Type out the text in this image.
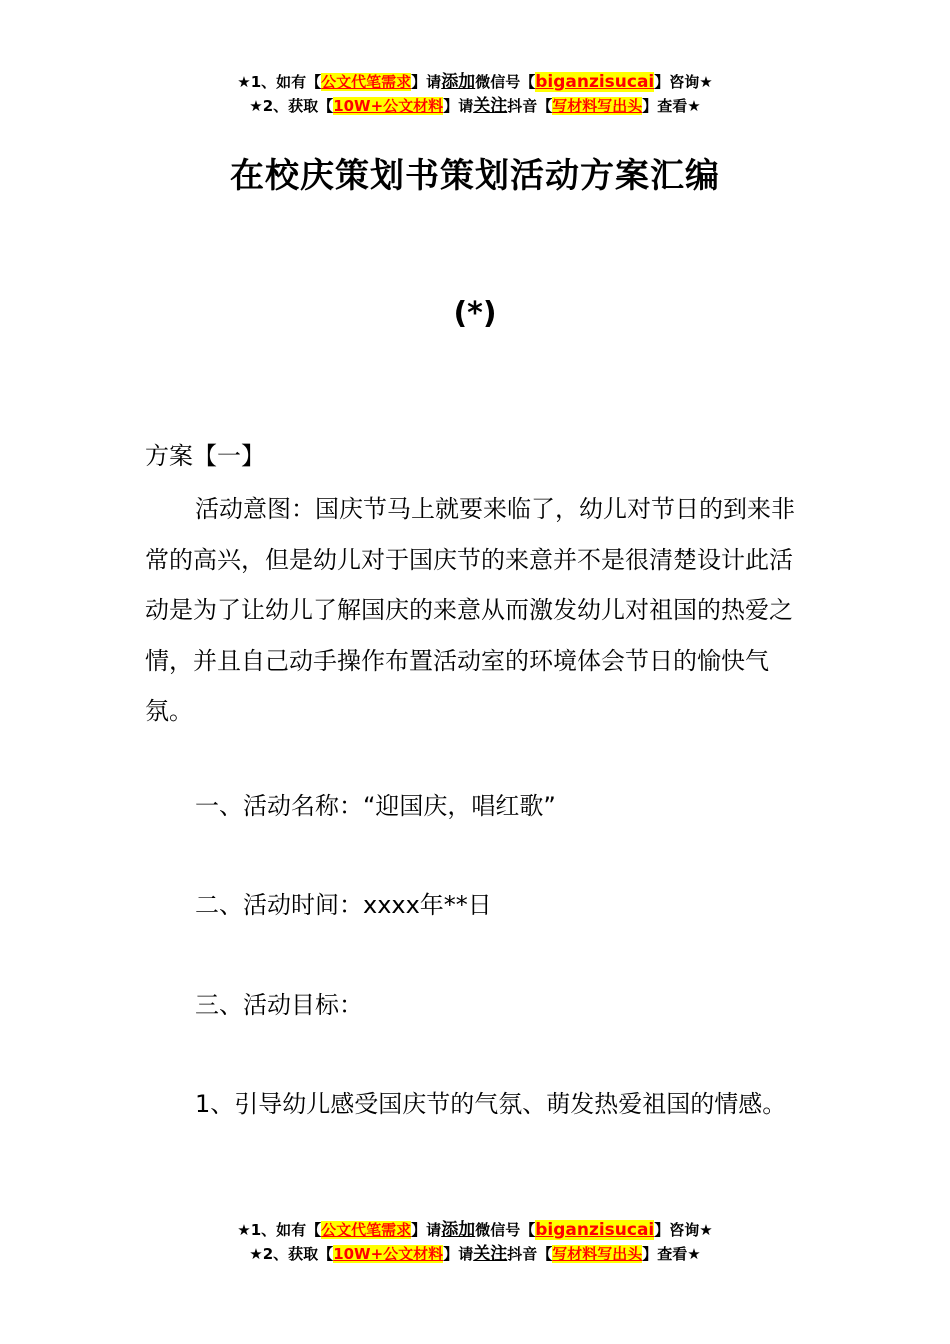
★1、如有【公文代笔需求】请添加微信号【biganzisucai】咨询★
★2、获取【10W+公文材料】请关注抖音【写材料写出头】查看★
在校庆策划书策划活动方案汇编
(*)
方案【一】
活动意图：国庆节马上就要来临了，幼儿对节日的到来非常的高兴，但是幼儿对于国庆节的来意并不是很清楚设计此活动是为了让幼儿了解国庆的来意从而激发幼儿对祖国的热爱之情，并且自己动手操作布置活动室的环境体会节日的愉快气氛。
一、活动名称：“迎国庆，唱红歌”
二、活动时间：xxxx年**日
三、活动目标：
1、引导幼儿感受国庆节的气氛、萌发热爱祖国的情感。
★1、如有【公文代笔需求】请添加微信号【biganzisucai】咨询★
★2、获取【10W+公文材料】请关注抖音【写材料写出头】查看★
